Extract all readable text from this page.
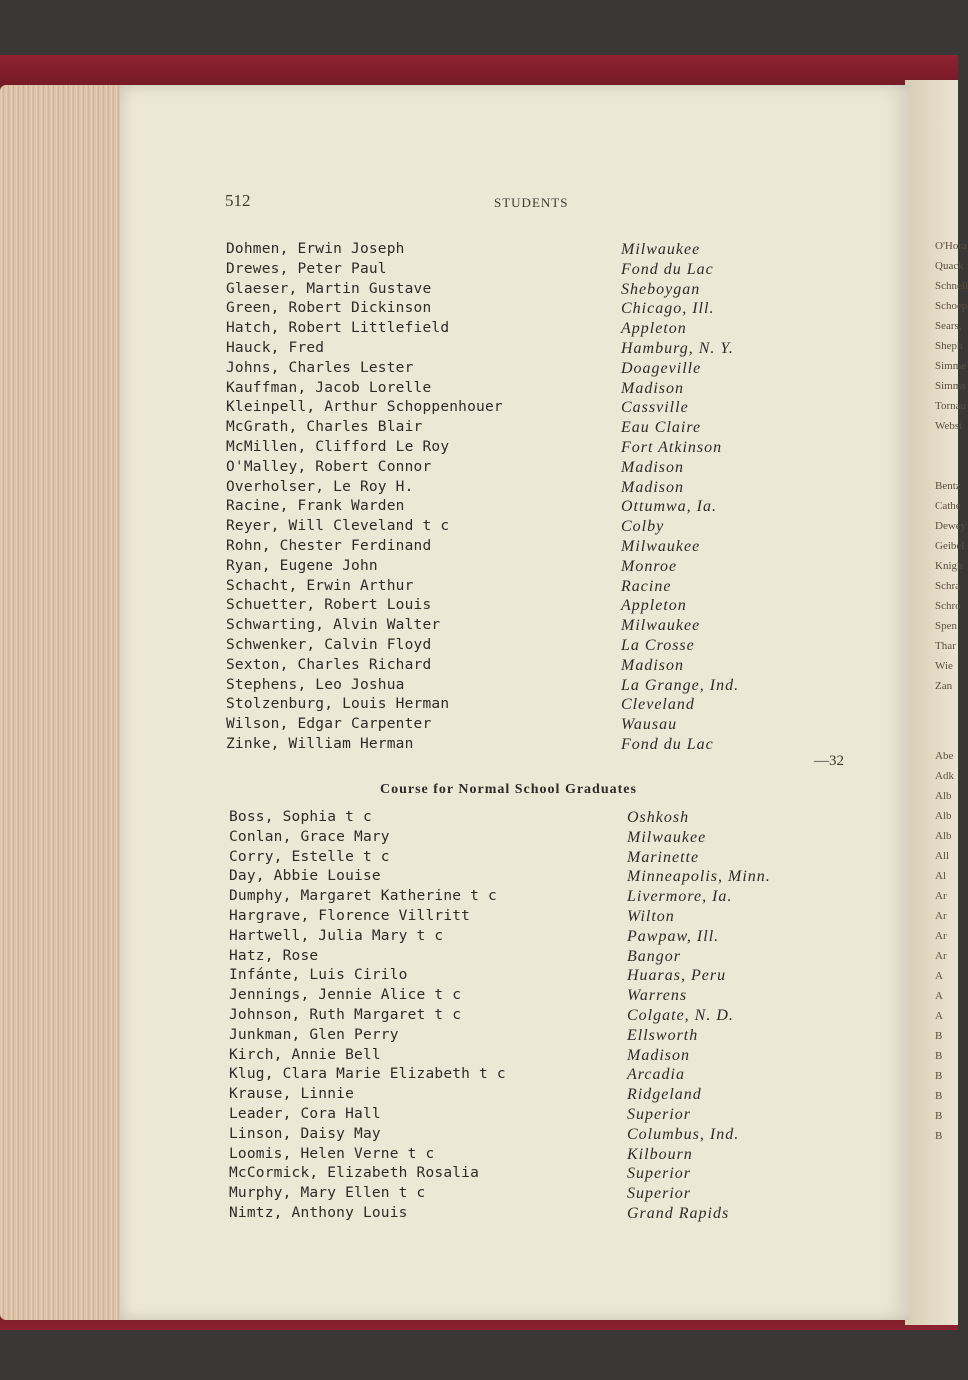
O'Hora
Quack
Schnell
Schoep
Sears,
Sheph
Simme
Simms
Tornau
Webst
Bentz
Cathe
Dewey
Geibel
Knigh
Schra
Schro
Spen
Thar
Wie
Zan
Abe
Adk
Alb
Alb
Alb
All
Al
Ar
Ar
Ar
Ar
A
A
A
B
B
B
B
B
B
512	STUDENTS
Dohmen, Erwin Joseph	Milwaukee
Drewes, Peter Paul	Fond du Lac
Glaeser, Martin Gustave	Sheboygan
Green, Robert Dickinson	Chicago, Ill.
Hatch, Robert Littlefield	Appleton
Hauck, Fred	Hamburg, N. Y.
Johns, Charles Lester	Doageville
Kauffman, Jacob Lorelle	Madison
Kleinpell, Arthur Schoppenhouer	Cassville
McGrath, Charles Blair	Eau Claire
McMillen, Clifford Le Roy	Fort Atkinson
O'Malley, Robert Connor	Madison
Overholser, Le Roy H.	Madison
Racine, Frank Warden	Ottumwa, Ia.
Reyer, Will Cleveland t c	Colby
Rohn, Chester Ferdinand	Milwaukee
Ryan, Eugene John	Monroe
Schacht, Erwin Arthur	Racine
Schuetter, Robert Louis	Appleton
Schwarting, Alvin Walter	Milwaukee
Schwenker, Calvin Floyd	La Crosse
Sexton, Charles Richard	Madison
Stephens, Leo Joshua	La Grange, Ind.
Stolzenburg, Louis Herman	Cleveland
Wilson, Edgar Carpenter	Wausau
Zinke, William Herman	Fond du Lac
—32
Course for Normal School Graduates
Boss, Sophia t c	Oshkosh
Conlan, Grace Mary	Milwaukee
Corry, Estelle t c	Marinette
Day, Abbie Louise	Minneapolis, Minn.
Dumphy, Margaret Katherine t c	Livermore, Ia.
Hargrave, Florence Villritt	Wilton
Hartwell, Julia Mary t c	Pawpaw, Ill.
Hatz, Rose	Bangor
Infánte, Luis Cirilo	Huaras, Peru
Jennings, Jennie Alice t c	Warrens
Johnson, Ruth Margaret t c	Colgate, N. D.
Junkman, Glen Perry	Ellsworth
Kirch, Annie Bell	Madison
Klug, Clara Marie Elizabeth t c	Arcadia
Krause, Linnie	Ridgeland
Leader, Cora Hall	Superior
Linson, Daisy May	Columbus, Ind.
Loomis, Helen Verne t c	Kilbourn
McCormick, Elizabeth Rosalia	Superior
Murphy, Mary Ellen t c	Superior
Nimtz, Anthony Louis	Grand Rapids
